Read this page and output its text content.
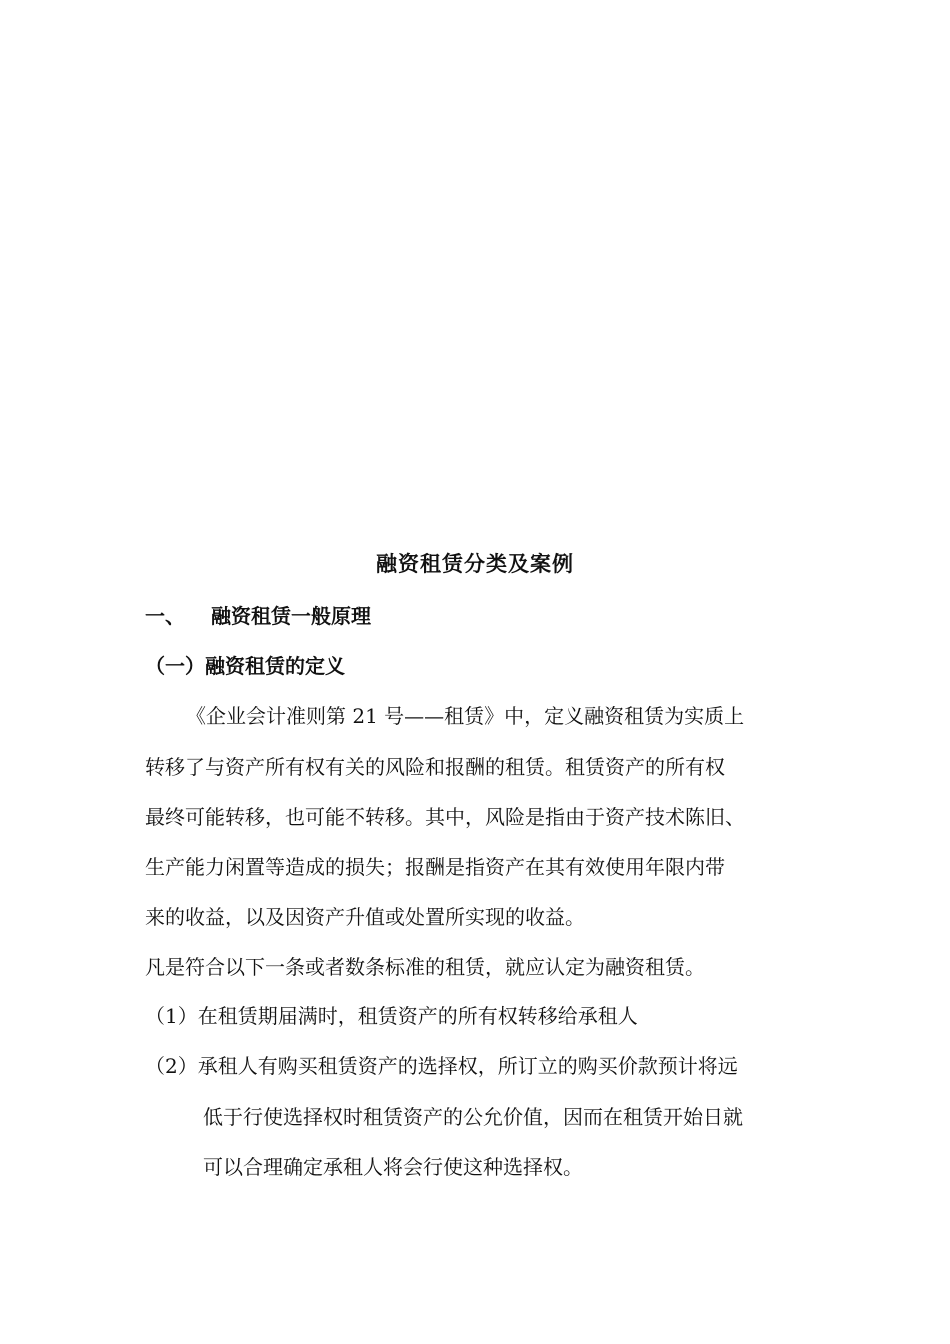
融资租赁分类及案例
一、 融资租赁一般原理
（一）融资租赁的定义
《企业会计准则第 21 号——租赁》中，定义融资租赁为实质上
转移了与资产所有权有关的风险和报酬的租赁。租赁资产的所有权
最终可能转移，也可能不转移。其中，风险是指由于资产技术陈旧、
生产能力闲置等造成的损失；报酬是指资产在其有效使用年限内带
来的收益，以及因资产升值或处置所实现的收益。
凡是符合以下一条或者数条标准的租赁，就应认定为融资租赁。
（1）在租赁期届满时，租赁资产的所有权转移给承租人
（2）承租人有购买租赁资产的选择权，所订立的购买价款预计将远
低于行使选择权时租赁资产的公允价值，因而在租赁开始日就
可以合理确定承租人将会行使这种选择权。
